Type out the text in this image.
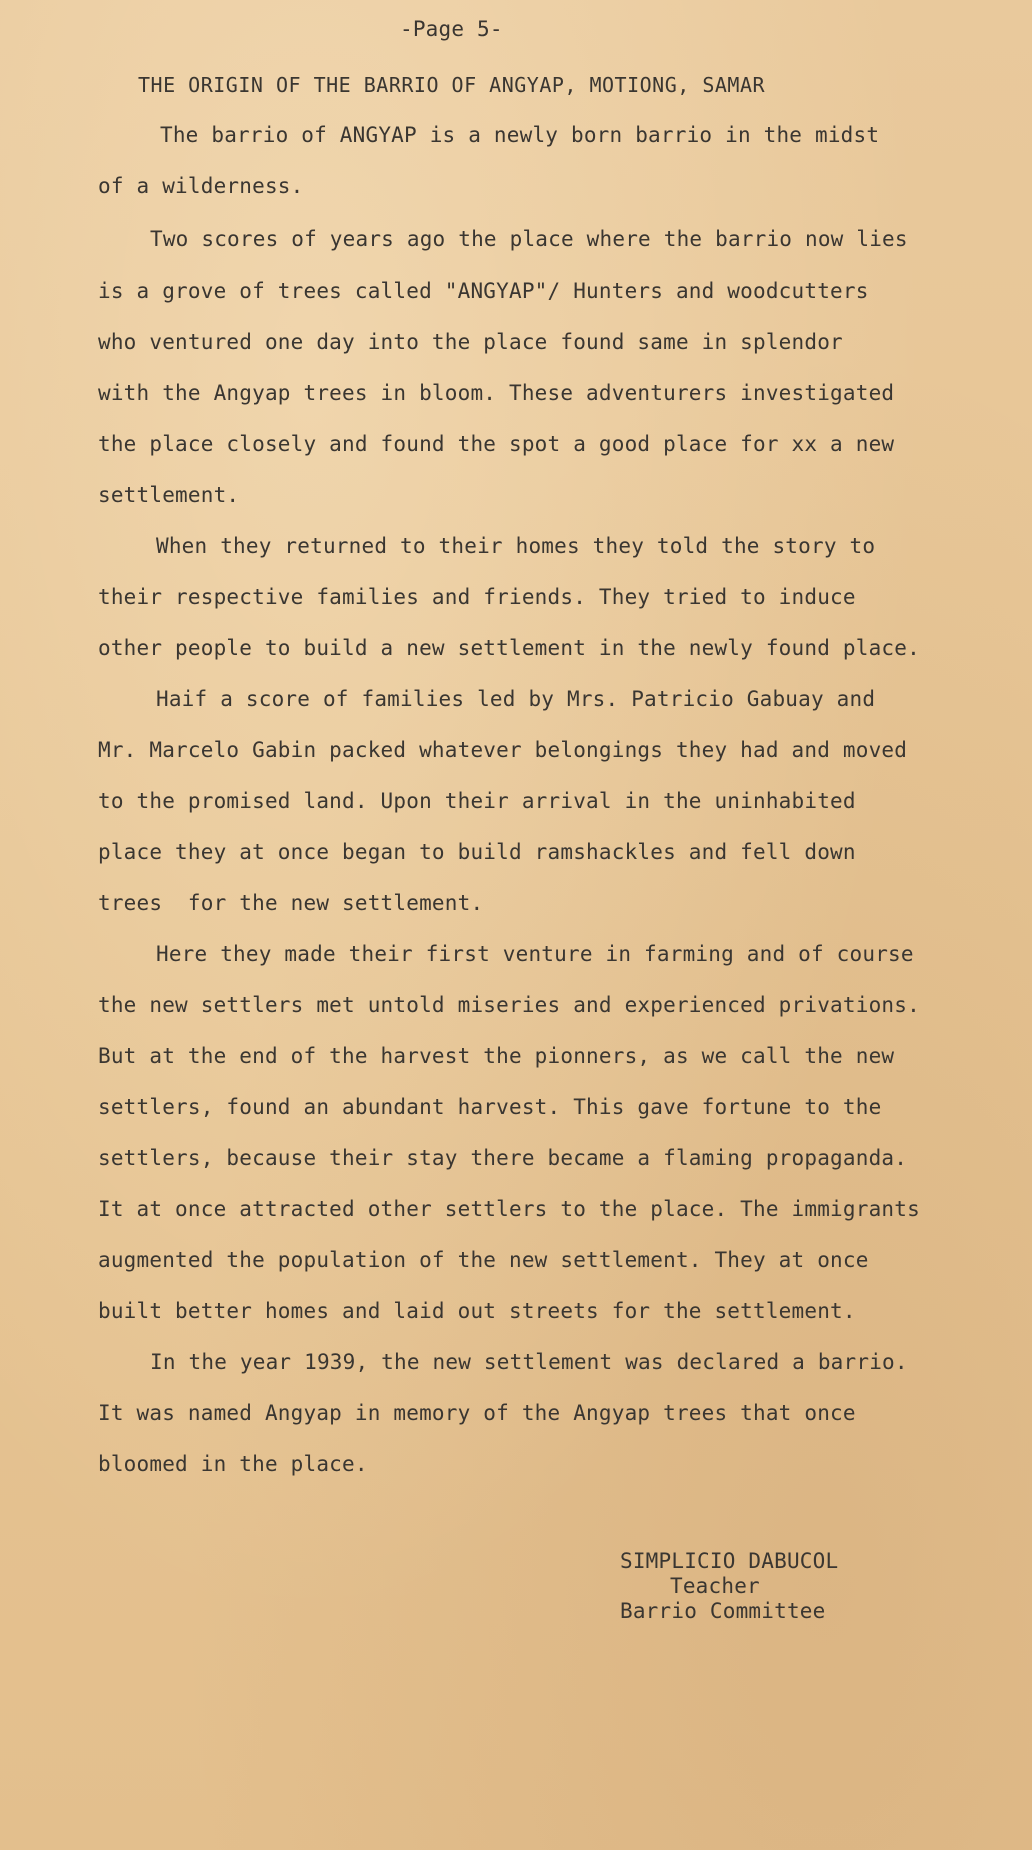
-Page 5-
THE ORIGIN OF THE BARRIO OF ANGYAP, MOTIONG, SAMAR
The barrio of ANGYAP is a newly born barrio in the midst
of a wilderness.
Two scores of years ago the place where the barrio now lies
is a grove of trees called "ANGYAP"/ Hunters and woodcutters
who ventured one day into the place found same in splendor
with the Angyap trees in bloom. These adventurers investigated
the place closely and found the spot a good place for xx a new
settlement.
When they returned to their homes they told the story to
their respective families and friends. They tried to induce
other people to build a new settlement in the newly found place.
Haif a score of families led by Mrs. Patricio Gabuay and
Mr. Marcelo Gabin packed whatever belongings they had and moved
to the promised land. Upon their arrival in the uninhabited
place they at once began to build ramshackles and fell down
trees  for the new settlement.
Here they made their first venture in farming and of course
the new settlers met untold miseries and experienced privations.
But at the end of the harvest the pionners, as we call the new
settlers, found an abundant harvest. This gave fortune to the
settlers, because their stay there became a flaming propaganda.
It at once attracted other settlers to the place. The immigrants
augmented the population of the new settlement. They at once
built better homes and laid out streets for the settlement.
In the year 1939, the new settlement was declared a barrio.
It was named Angyap in memory of the Angyap trees that once
bloomed in the place.
SIMPLICIO DABUCOL
Teacher
Barrio Committee
